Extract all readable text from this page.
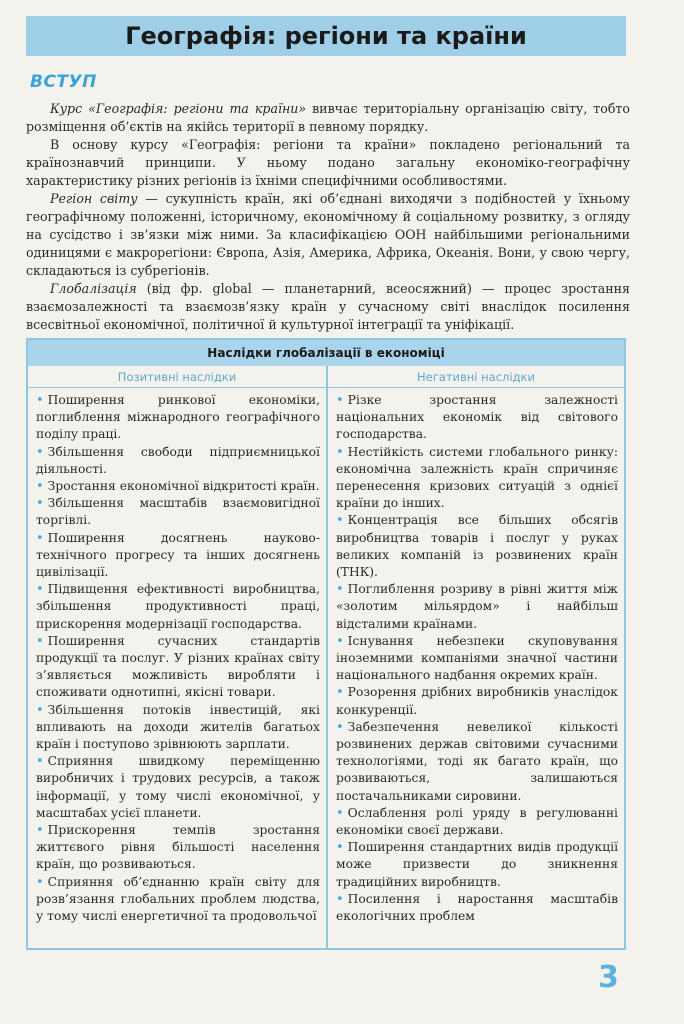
Географія: регіони та країни
ВСТУП

Курс «Географія: регіони та країни» вивчає територіальну організацію світу, тобто розміщення об’єктів на якійсь території в певному порядку.

В основу курсу «Географія: регіони та країни» покладено регіональний та країнознавчий принципи. У ньому подано загальну економіко-географічну характеристику різних регіонів із їхніми специфічними особливостями.

Регіон світу — сукупність країн, які об’єднані виходячи з подібностей у їхньому географічному положенні, історичному, економічному й соціальному розвитку, з огляду на сусідство і зв’язки між ними. За класифікацією ООН найбільшими регіональними одиницями є макрорегіони: Європа, Азія, Америка, Африка, Океанія. Вони, у свою чергу, складаються із субрегіонів.

Глобалізація (від фр. global — планетарний, всеосяжний) — процес зростання взаємозалежності та взаємозв’язку країн у сучасному світі внаслідок посилення всесвітньої економічної, політичної й культурної інтеграції та уніфікації.

Наслідки глобалізації в економіці
Позитивні наслідки
• Поширення ринкової економіки, поглиблення міжнародного географічного поділу праці.
• Збільшення свободи підприємницької діяльності.
• Зростання економічної відкритості країн.
• Збільшення масштабів взаємовигідної торгівлі.
• Поширення досягнень науково-технічного прогресу та інших досягнень цивілізації.
• Підвищення ефективності виробництва, збільшення продуктивності праці, прискорення модернізації господарства.
• Поширення сучасних стандартів продукції та послуг. У різних країнах світу з’являється можливість виробляти і споживати однотипні, якісні товари.
• Збільшення потоків інвестицій, які впливають на доходи жителів багатьох країн і поступово зрівнюють зарплати.
• Сприяння швидкому переміщенню виробничих і трудових ресурсів, а також інформації, у тому числі економічної, у масштабах усієї планети.
• Прискорення темпів зростання життєвого рівня більшості населення країн, що розвиваються.
• Сприяння об’єднанню країн світу для розв’язання глобальних проблем людства, у тому числі енергетичної та продовольчої
Негативні наслідки
• Різке зростання залежності національних економік від світового господарства.
• Нестійкість системи глобального ринку: економічна залежність країн спричиняє перенесення кризових ситуацій з однієї країни до інших.
• Концентрація все більших обсягів виробництва товарів і послуг у руках великих компаній із розвинених країн (ТНК).
• Поглиблення розриву в рівні життя між «золотим мільярдом» і найбільш відсталими країнами.
• Існування небезпеки скуповування іноземними компаніями значної частини національного надбання окремих країн.
• Розорення дрібних виробників унаслідок конкуренції.
• Забезпечення невеликої кількості розвинених держав світовими сучасними технологіями, тоді як багато країн, що розвиваються, залишаються постачальниками сировини.
• Ослаблення ролі уряду в регулюванні економіки своєї держави.
• Поширення стандартних видів продукції може призвести до зникнення традиційних виробництв.
• Посилення і наростання масштабів екологічних проблем
3
